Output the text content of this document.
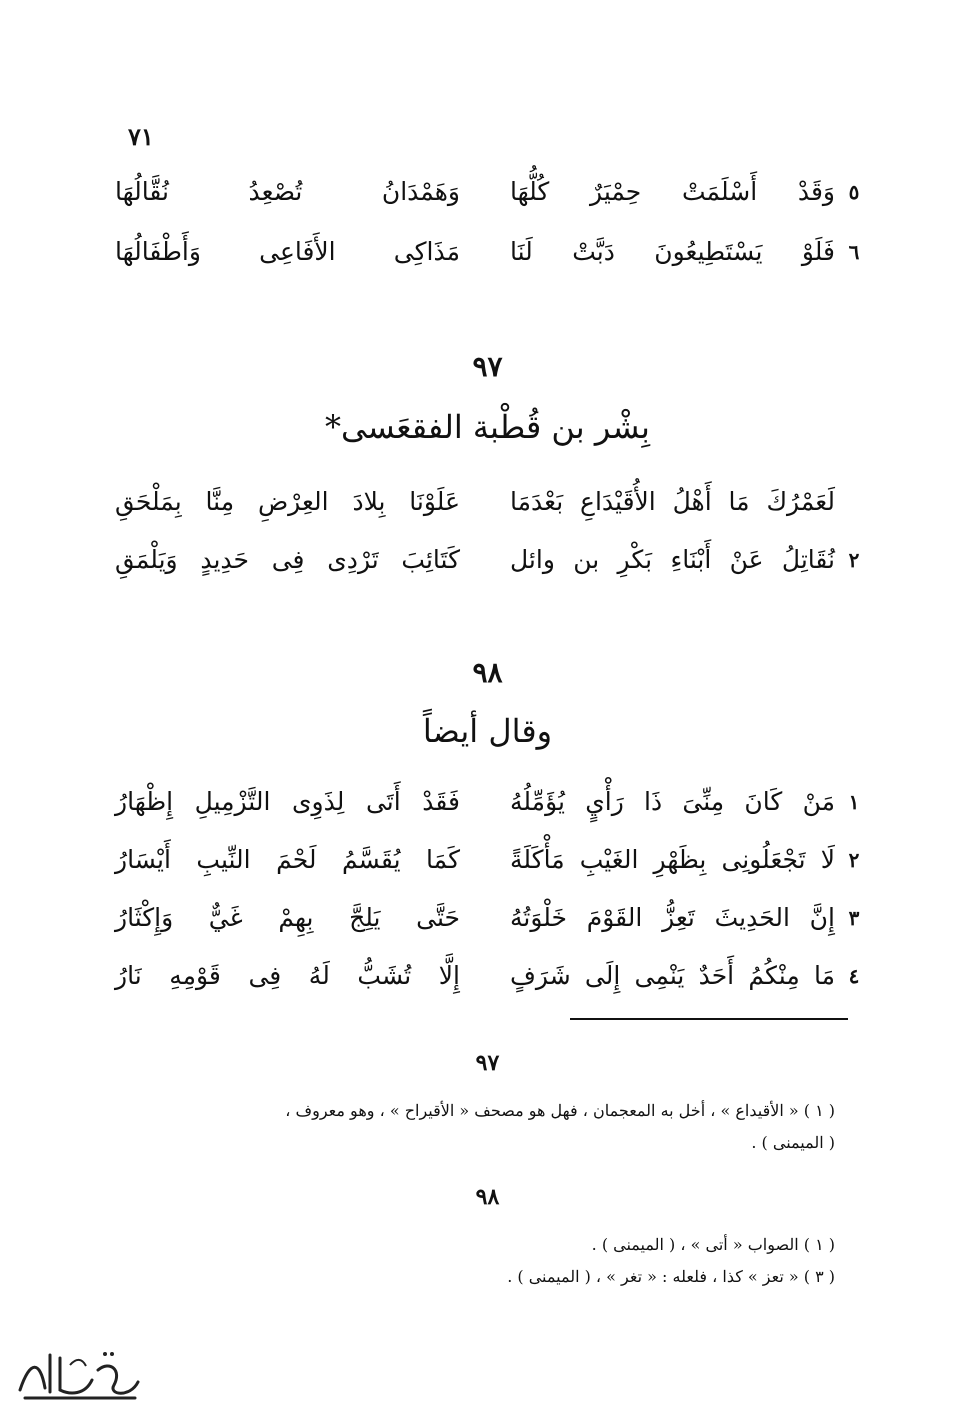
٧١
٥
وَقَدْ أَسْلَمَتْ حِمْيَرٌ كُلُّهَا
وَهَمْدَانُ تُصْعِدُ نُقَّالُهَا
٦
فَلَوْ يَسْتَطِيعُونَ دَبَّتْ لَنَا
مَذَاكِى الأَفَاعِى وَأَطْفَالُهَا
٩٧
بِشْر بن قُطْبة الفقعَسى*
لَعَمْرُكَ مَا أَهْلُ الأُقَيْدَاعِ بَعْدَمَا
عَلَوْنَا بِلادَ العِرْضِ مِنَّا بِمَلْحَقِ
٢
نُقَاتِلُ عَنْ أَبْنَاءِ بَكْرِ بن وائل
كَتَائِبَ تَرْدِى فِى حَدِيدٍ وَيَلْمَقِ
٩٨
وقال أيضاً
١
مَنْ كَانَ مِنِّىَ ذَا رَأْيٍ يُؤَمِّلُهُ
فَقَدْ أَتَى لِذَوِى التَّزْمِيلِ إِظْهَارُ
٢
لَا تَجْعَلُونِى بِظَهْرِ الغَيْبِ مَأْكَلَةً
كَمَا يُقَسَّمُ لَحْمَ النِّيبِ أَيْسَارُ
٣
إِنَّ الحَدِيثَ تَعِزُّ القَوْمَ خَلْوَتُهُ
حَتَّى يَلِجَّ بِهِمْ غَيٌّ وَإِكْثَارُ
٤
مَا مِنْكُمُ أَحَدٌ يَنْمِى إِلَى شَرَفٍ
إِلَّا تُشَبُّ لَهُ فِى قَوْمِهِ نَارُ
٩٧
( ١ ) « الأقيداع » ، أخل به المعجمان ، فهل هو مصحف « الأقيراح » ، وهو معروف ،
( الميمنى ) .
٩٨
( ١ ) الصواب « أتى » ، ( الميمنى ) .
( ٣ ) « تعز » كذا ، فلعله : « تغر » ، ( الميمنى ) .
